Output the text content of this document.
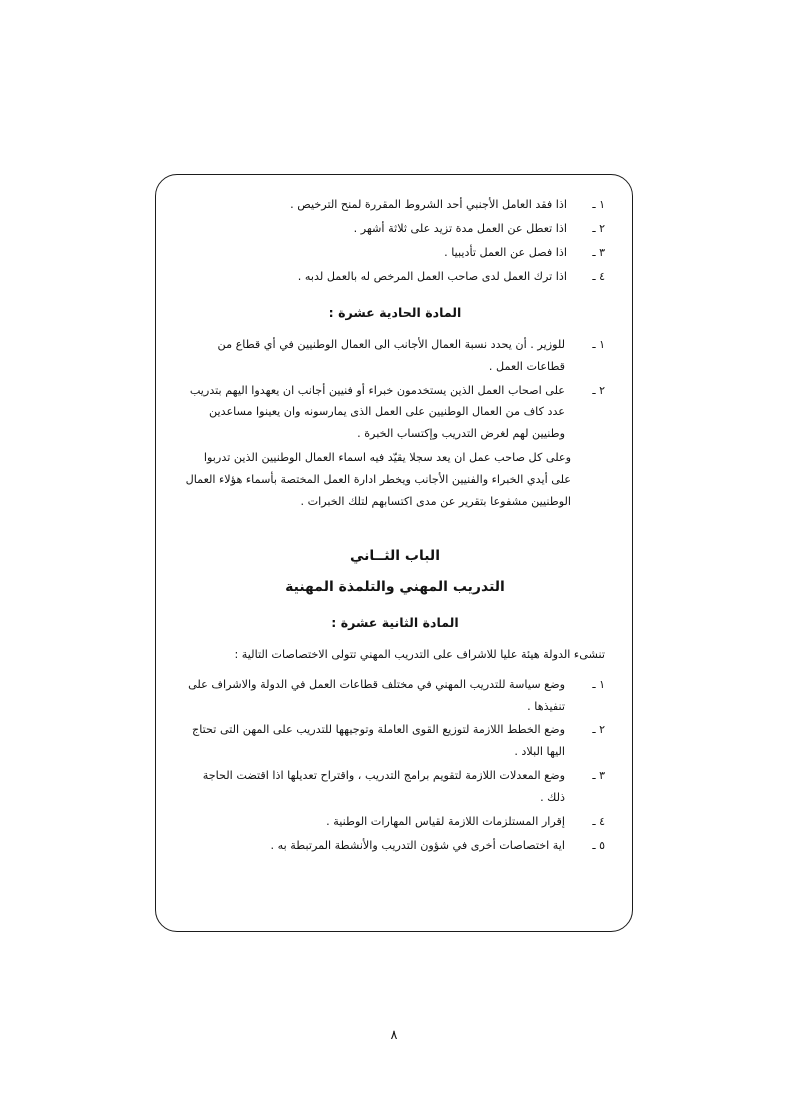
١ ـ
اذا فقد العامل الأجنبي أحد الشروط المقررة لمنح الترخيص .
٢ ـ
اذا تعطل عن العمل مدة تزيد على ثلاثة أشهر .
٣ ـ
اذا فصل عن العمل تأديبيا .
٤ ـ
اذا ترك العمل لدى صاحب العمل المرخص له بالعمل لدبه .
المادة الحادية عشرة :
١ ـ
للوزير . أن يحدد نسبة العمال الأجانب الى العمال الوطنيين في أي قطاع من قطاعات العمل .
٢ ـ
على اصحاب العمل الذين يستخدمون خبراء أو فنيين أجانب ان يعهدوا اليهم بتدريب عدد كاف من العمال الوطنيين على العمل الذى يمارسونه وان يعينوا مساعدين وطنيين لهم لغرض التدريب وإكتساب الخبرة .
وعلى كل صاحب عمل ان يعد سجلا يقيّد فيه اسماء العمال الوطنيين الذين تدربوا على أيدي الخبراء والفنيين الأجانب ويخطر ادارة العمل المختصة بأسماء هؤلاء العمال الوطنيين مشفوعا بتقرير عن مدى اكتسابهم لتلك الخبرات .
الباب الثــاني
التدريب المهني والتلمذة المهنية
المادة الثانية عشرة :
تنشىء الدولة هيئة عليا للاشراف على التدريب المهني تتولى الاختصاصات التالية :
١ ـ
وضع سياسة للتدريب المهني في مختلف قطاعات العمل في الدولة والاشراف على تنفيذها .
٢ ـ
وضع الخطط اللازمة لتوزيع القوى العاملة وتوجيهها للتدريب على المهن التى تحتاج اليها البلاد .
٣ ـ
وضع المعدلات اللازمة لتقويم برامج التدريب ، واقتراح تعديلها اذا اقتضت الحاجة ذلك .
٤ ـ
إقرار المستلزمات اللازمة لقياس المهارات الوطنية .
٥ ـ
اية اختصاصات أخرى في شؤون التدريب والأنشطة المرتبطة به .
٨
